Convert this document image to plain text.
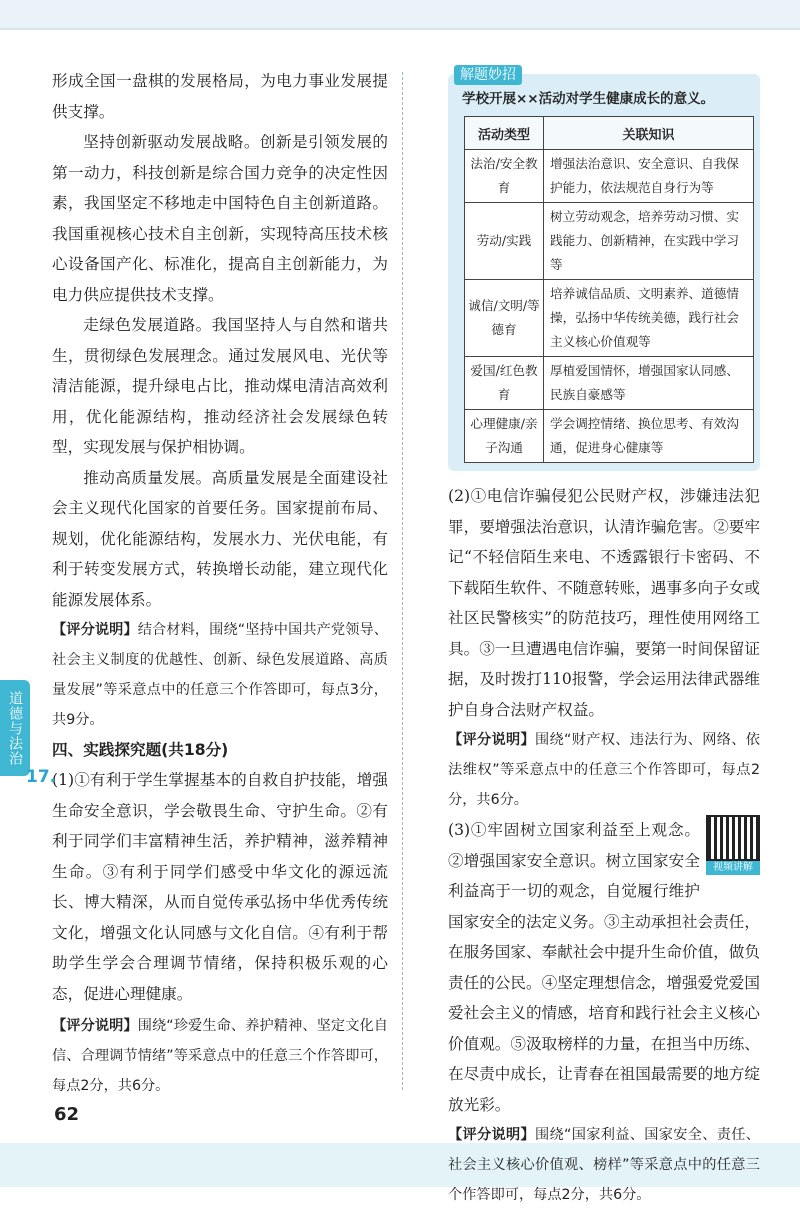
道德与法治

形成全国一盘棋的发展格局，为电力事业发展提供支撑。

坚持创新驱动发展战略。创新是引领发展的第一动力，科技创新是综合国力竞争的决定性因素，我国坚定不移地走中国特色自主创新道路。我国重视核心技术自主创新，实现特高压技术核心设备国产化、标准化，提高自主创新能力，为电力供应提供技术支撑。

走绿色发展道路。我国坚持人与自然和谐共生，贯彻绿色发展理念。通过发展风电、光伏等清洁能源，提升绿电占比，推动煤电清洁高效利用，优化能源结构，推动经济社会发展绿色转型，实现发展与保护相协调。

推动高质量发展。高质量发展是全面建设社会主义现代化国家的首要任务。国家提前布局、规划，优化能源结构，发展水力、光伏电能，有利于转变发展方式，转换增长动能，建立现代化能源发展体系。

【评分说明】结合材料，围绕“坚持中国共产党领导、社会主义制度的优越性、创新、绿色发展道路、高质量发展”等采意点中的任意三个作答即可，每点3分，共9分。

四、实践探究题(共18分)

17.

(1)①有利于学生掌握基本的自救自护技能，增强生命安全意识，学会敬畏生命、守护生命。②有利于同学们丰富精神生活，养护精神，滋养精神生命。③有利于同学们感受中华文化的源远流长、博大精深，从而自觉传承弘扬中华优秀传统文化，增强文化认同感与文化自信。④有利于帮助学生学会合理调节情绪，保持积极乐观的心态，促进心理健康。

【评分说明】围绕“珍爱生命、养护精神、坚定文化自信、合理调节情绪”等采意点中的任意三个作答即可，每点2分，共6分。

解题妙招
学校开展××活动对学生健康成长的意义。
活动类型	关联知识
法治/安全教育	增强法治意识、安全意识、自我保护能力，依法规范自身行为等
劳动/实践	树立劳动观念，培养劳动习惯、实践能力、创新精神，在实践中学习等
诚信/文明/等德育	培养诚信品质、文明素养、道德情操，弘扬中华传统美德，践行社会主义核心价值观等
爱国/红色教育	厚植爱国情怀，增强国家认同感、民族自豪感等
心理健康/亲子沟通	学会调控情绪、换位思考、有效沟通，促进身心健康等

(2)①电信诈骗侵犯公民财产权，涉嫌违法犯罪，要增强法治意识，认清诈骗危害。②要牢记“不轻信陌生来电、不透露银行卡密码、不下载陌生软件、不随意转账，遇事多向子女或社区民警核实”的防范技巧，理性使用网络工具。③一旦遭遇电信诈骗，要第一时间保留证据，及时拨打110报警，学会运用法律武器维护自身合法财产权益。

【评分说明】围绕“财产权、违法行为、网络、依法维权”等采意点中的任意三个作答即可，每点2分，共6分。

视频讲解

(3)①牢固树立国家利益至上观念。②增强国家安全意识。树立国家安全利益高于一切的观念，自觉履行维护国家安全的法定义务。③主动承担社会责任，在服务国家、奉献社会中提升生命价值，做负责任的公民。④坚定理想信念，增强爱党爱国爱社会主义的情感，培育和践行社会主义核心价值观。⑤汲取榜样的力量，在担当中历练、在尽责中成长，让青春在祖国最需要的地方绽放光彩。

【评分说明】围绕“国家利益、国家安全、责任、社会主义核心价值观、榜样”等采意点中的任意三个作答即可，每点2分，共6分。

62
